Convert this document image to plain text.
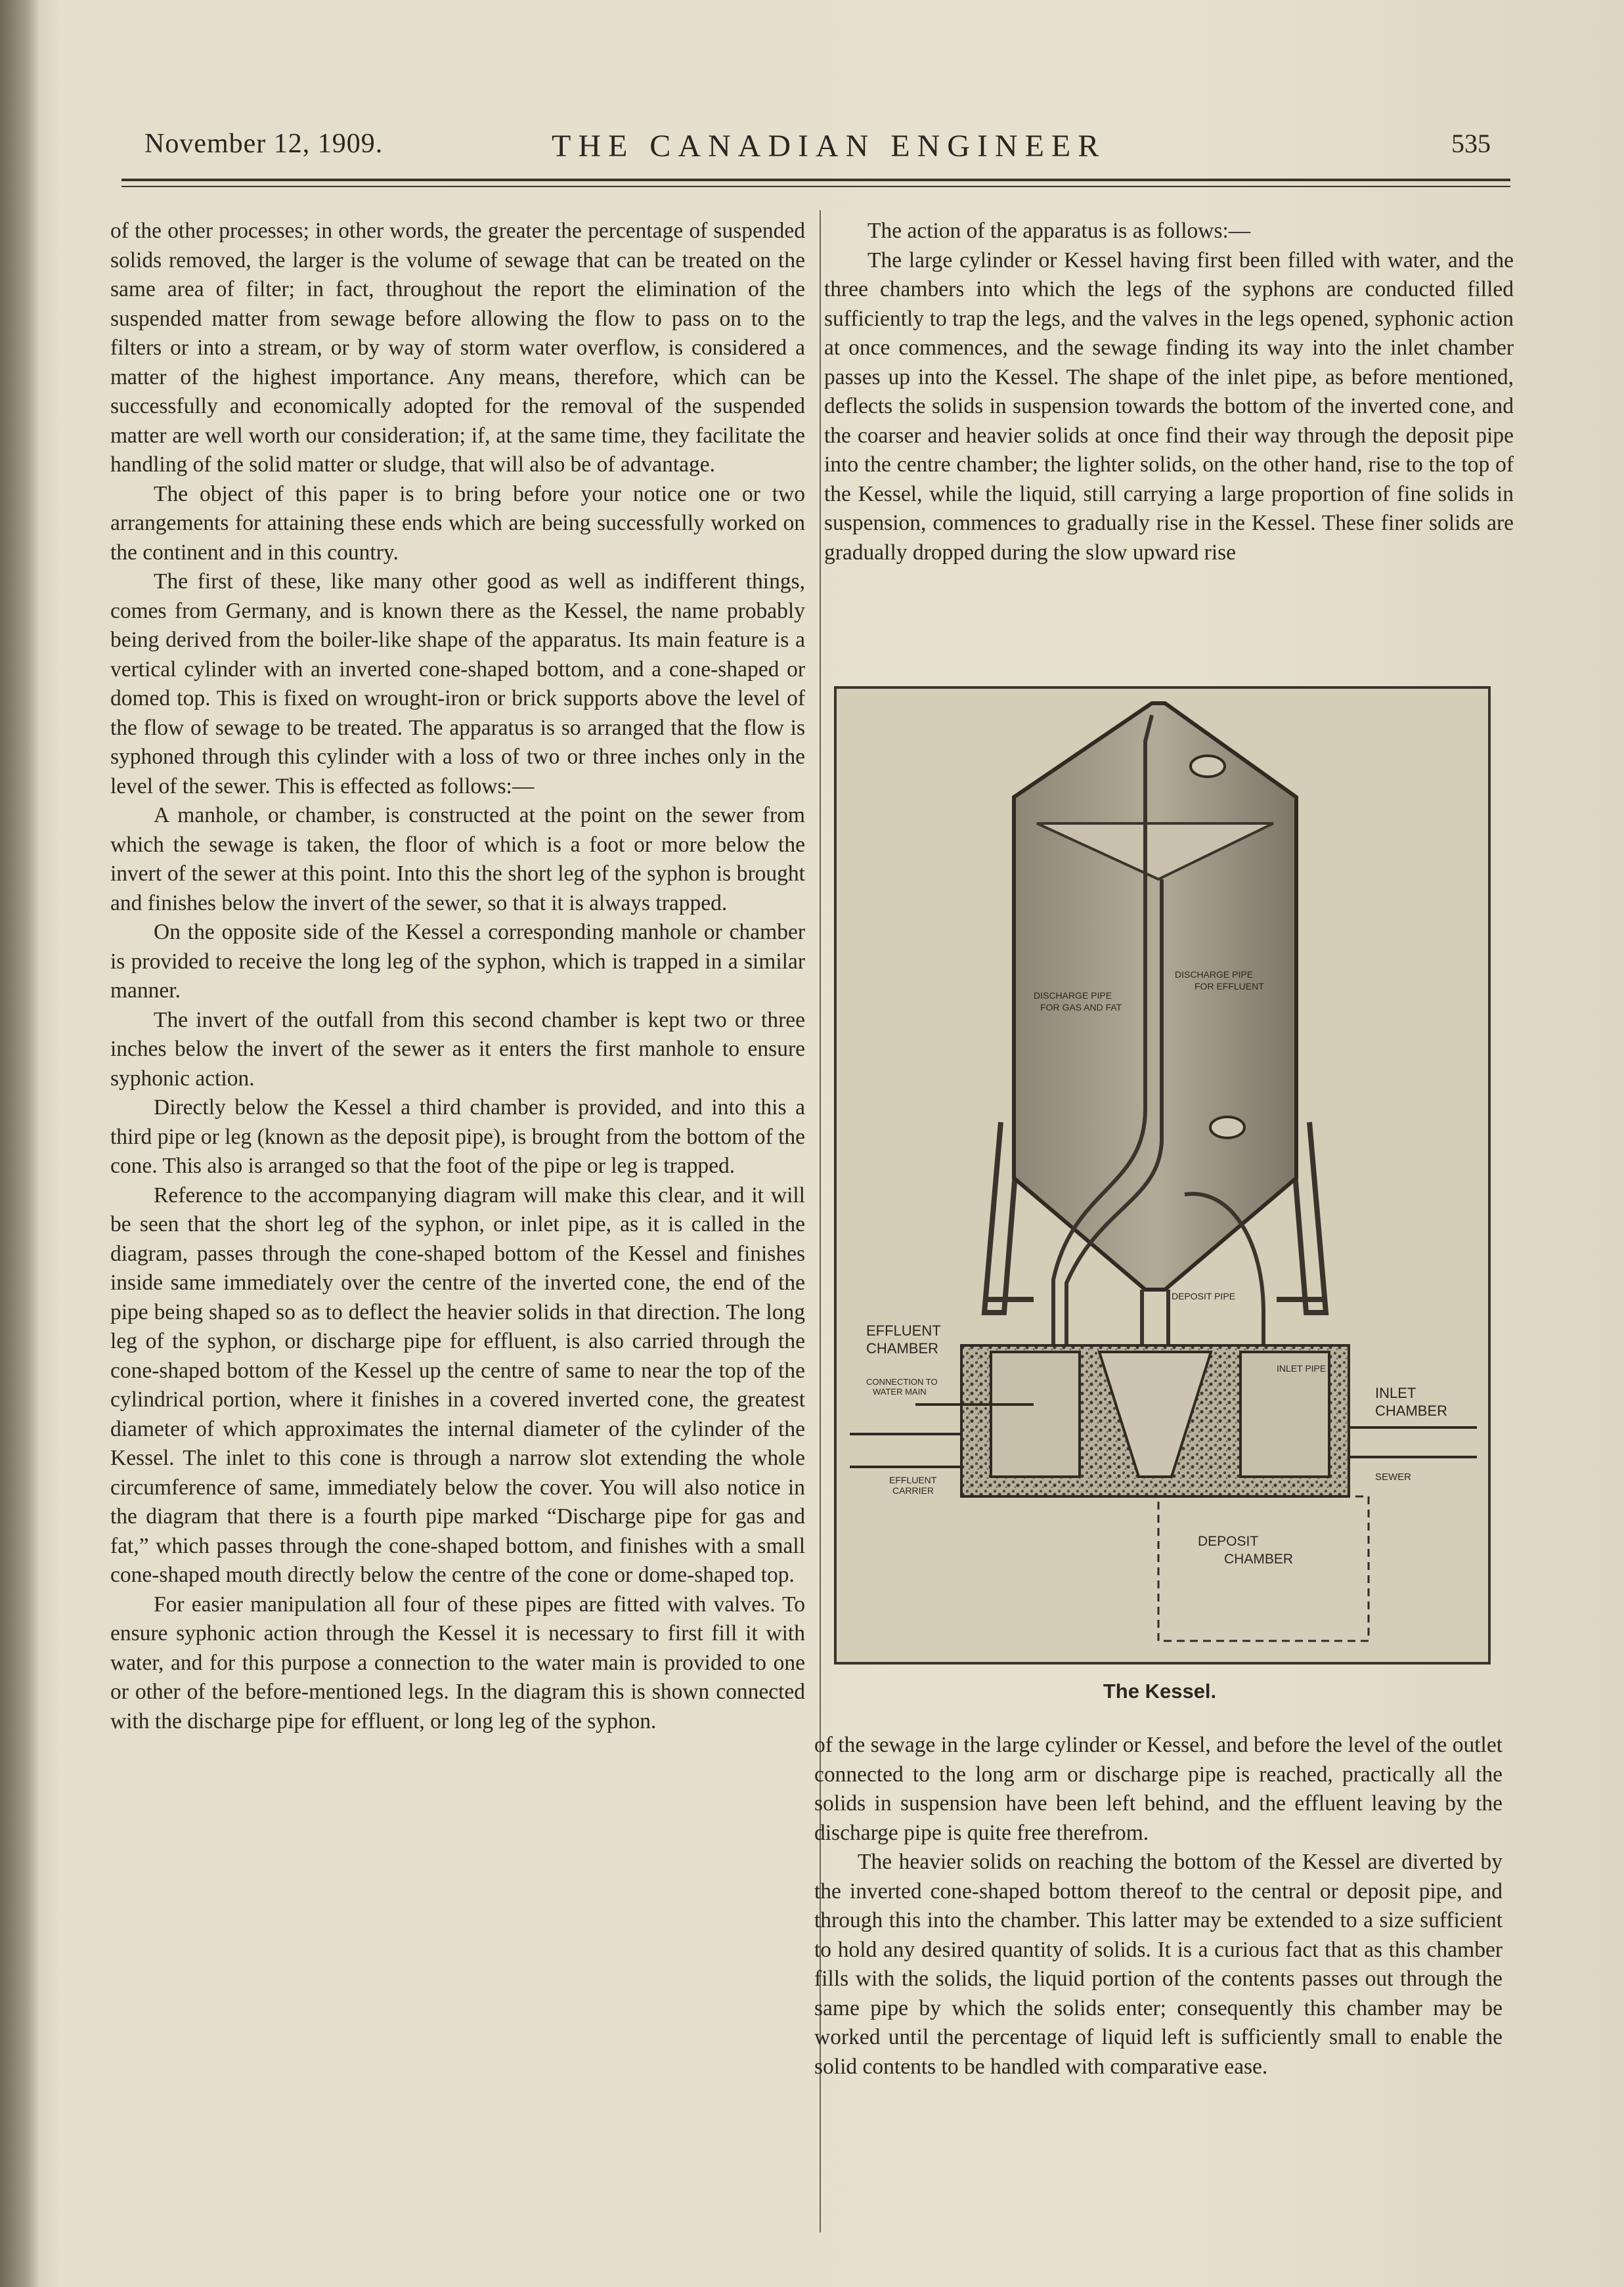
November 12, 1909.	THE CANADIAN ENGINEER	535

of the other processes; in other words, the greater the percentage of suspended solids removed, the larger is the volume of sewage that can be treated on the same area of filter; in fact, throughout the report the elimination of the suspended matter from sewage before allowing the flow to pass on to the filters or into a stream, or by way of storm water overflow, is considered a matter of the highest importance. Any means, therefore, which can be successfully and economically adopted for the removal of the suspended matter are well worth our consideration; if, at the same time, they facilitate the handling of the solid matter or sludge, that will also be of advantage.

The object of this paper is to bring before your notice one or two arrangements for attaining these ends which are being successfully worked on the continent and in this country.

The first of these, like many other good as well as indifferent things, comes from Germany, and is known there as the Kessel, the name probably being derived from the boiler-like shape of the apparatus. Its main feature is a vertical cylinder with an inverted cone-shaped bottom, and a cone-shaped or domed top. This is fixed on wrought-iron or brick supports above the level of the flow of sewage to be treated. The apparatus is so arranged that the flow is syphoned through this cylinder with a loss of two or three inches only in the level of the sewer. This is effected as follows:—

A manhole, or chamber, is constructed at the point on the sewer from which the sewage is taken, the floor of which is a foot or more below the invert of the sewer at this point. Into this the short leg of the syphon is brought and finishes below the invert of the sewer, so that it is always trapped.

On the opposite side of the Kessel a corresponding manhole or chamber is provided to receive the long leg of the syphon, which is trapped in a similar manner.

The invert of the outfall from this second chamber is kept two or three inches below the invert of the sewer as it enters the first manhole to ensure syphonic action.

Directly below the Kessel a third chamber is provided, and into this a third pipe or leg (known as the deposit pipe), is brought from the bottom of the cone. This also is arranged so that the foot of the pipe or leg is trapped.

Reference to the accompanying diagram will make this clear, and it will be seen that the short leg of the syphon, or inlet pipe, as it is called in the diagram, passes through the cone-shaped bottom of the Kessel and finishes inside same immediately over the centre of the inverted cone, the end of the pipe being shaped so as to deflect the heavier solids in that direction. The long leg of the syphon, or discharge pipe for effluent, is also carried through the cone-shaped bottom of the Kessel up the centre of same to near the top of the cylindrical portion, where it finishes in a covered inverted cone, the greatest diameter of which approximates the internal diameter of the cylinder of the Kessel. The inlet to this cone is through a narrow slot extending the whole circumference of same, immediately below the cover. You will also notice in the diagram that there is a fourth pipe marked “Discharge pipe for gas and fat,” which passes through the cone-shaped bottom, and finishes with a small cone-shaped mouth directly below the centre of the cone or dome-shaped top.

For easier manipulation all four of these pipes are fitted with valves. To ensure syphonic action through the Kessel it is necessary to first fill it with water, and for this purpose a connection to the water main is provided to one or other of the before-mentioned legs. In the diagram this is shown connected with the discharge pipe for effluent, or long leg of the syphon.

The action of the apparatus is as follows:—

The large cylinder or Kessel having first been filled with water, and the three chambers into which the legs of the syphons are conducted filled sufficiently to trap the legs, and the valves in the legs opened, syphonic action at once commences, and the sewage finding its way into the inlet chamber passes up into the Kessel. The shape of the inlet pipe, as before mentioned, deflects the solids in suspension towards the bottom of the inverted cone, and the coarser and heavier solids at once find their way through the deposit pipe into the centre chamber; the lighter solids, on the other hand, rise to the top of the Kessel, while the liquid, still carrying a large proportion of fine solids in suspension, commences to gradually rise in the Kessel. These finer solids are gradually dropped during the slow upward rise

DISCHARGE PIPE
FOR EFFLUENT
DISCHARGE PIPE
FOR GAS AND FAT
DEPOSIT PIPE
INLET PIPE
EFFLUENT
CHAMBER
CONNECTION TO
WATER MAIN	INLET
CHAMBER
SEWER
EFFLUENT
CARRIER
DEPOSIT
CHAMBER
The Kessel.

of the sewage in the large cylinder or Kessel, and before the level of the outlet connected to the long arm or discharge pipe is reached, practically all the solids in suspension have been left behind, and the effluent leaving by the discharge pipe is quite free therefrom.

The heavier solids on reaching the bottom of the Kessel are diverted by the inverted cone-shaped bottom thereof to the central or deposit pipe, and through this into the chamber. This latter may be extended to a size sufficient to hold any desired quantity of solids. It is a curious fact that as this chamber fills with the solids, the liquid portion of the contents passes out through the same pipe by which the solids enter; consequently this chamber may be worked until the percentage of liquid left is sufficiently small to enable the solid contents to be handled with comparative ease.
